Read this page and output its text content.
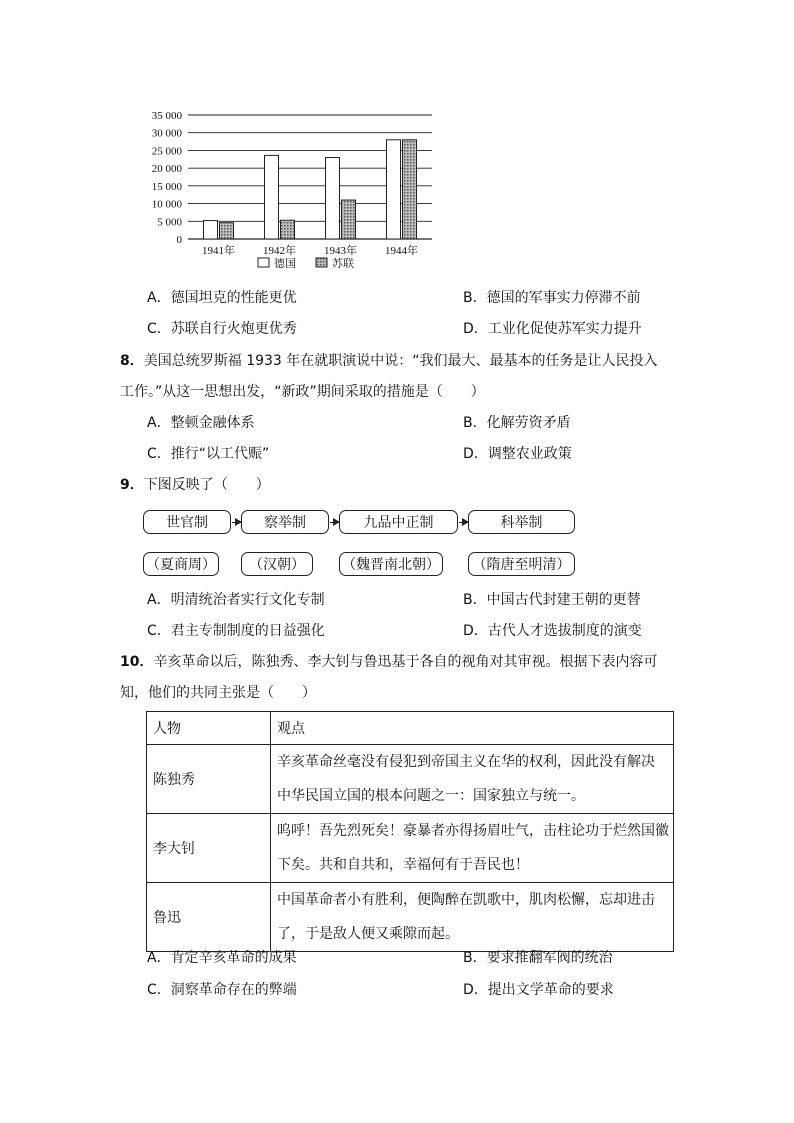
35 000
30 000
25 000
20 000
15 000
10 000
5 000
0
1941年	1942年	1943年	1944年
德国	苏联
A．德国坦克的性能更优	B．德国的军事实力停滞不前
C．苏联自行火炮更优秀	D．工业化促使苏军实力提升
8．美国总统罗斯福 1933 年在就职演说中说：“我们最大、最基本的任务是让人民投入
工作。”从这一思想出发，“新政”期间采取的措施是（　　）
A．整顿金融体系	B．化解劳资矛盾
C．推行“以工代赈”	D．调整农业政策
9．下图反映了（　　）
世官制	察举制	九品中正制	科举制
（夏商周）	（汉朝）	（魏晋南北朝）	（隋唐至明清）
A．明清统治者实行文化专制	B．中国古代封建王朝的更替
C．君主专制制度的日益强化	D．古代人才选拔制度的演变
10．辛亥革命以后，陈独秀、李大钊与鲁迅基于各自的视角对其审视。根据下表内容可
知，他们的共同主张是（　　）
人物	观点
陈独秀	辛亥革命丝毫没有侵犯到帝国主义在华的权利，因此没有解决
中华民国立国的根本问题之一：国家独立与统一。

李大钊	呜呼！吾先烈死矣！豪暴者亦得扬眉吐气，击柱论功于烂然国徽
下矣。共和自共和，幸福何有于吾民也！

鲁迅	中国革命者小有胜利，便陶醉在凯歌中，肌肉松懈，忘却进击
了，于是敌人便又乘隙而起。
A．肯定辛亥革命的成果	B．要求推翻军阀的统治
C．洞察革命存在的弊端	D．提出文学革命的要求
